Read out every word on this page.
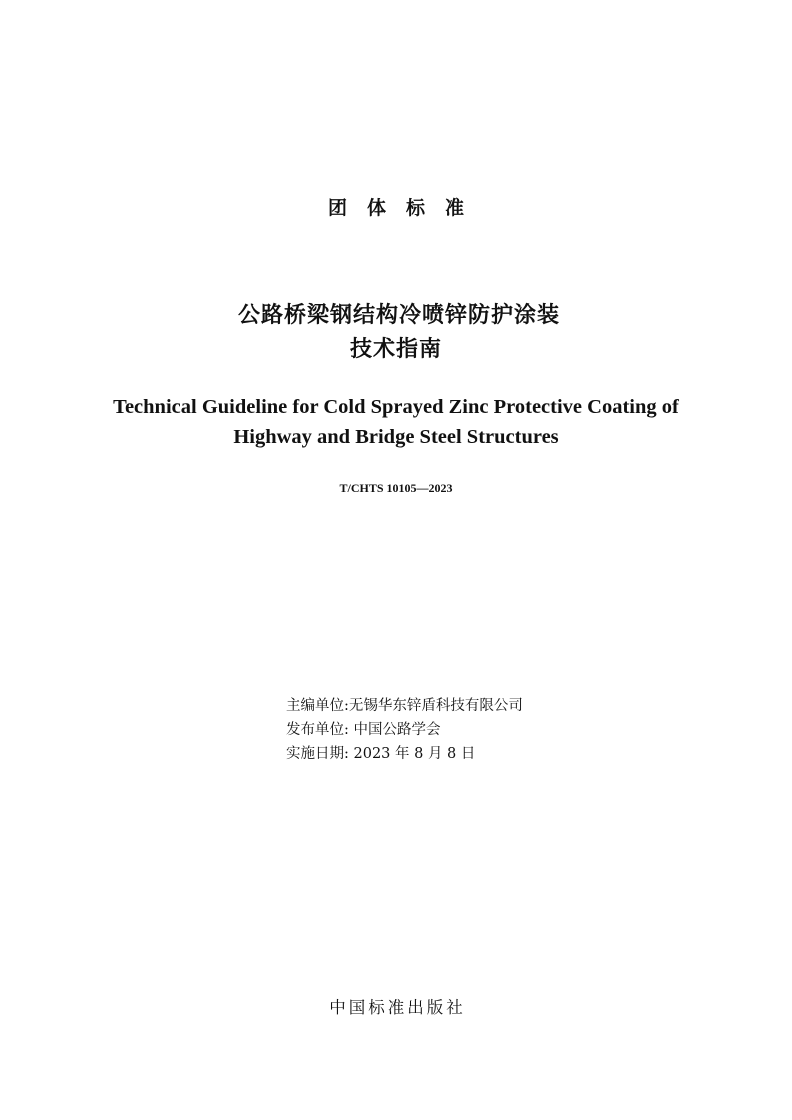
团体标准
公路桥梁钢结构冷喷锌防护涂装
技术指南
Technical Guideline for Cold Sprayed Zinc Protective Coating of
Highway and Bridge Steel Structures
T/CHTS 10105—2023
主编单位:无锡华东锌盾科技有限公司
发布单位: 中国公路学会
实施日期: 2023 年 8 月 8 日
中国标准出版社
